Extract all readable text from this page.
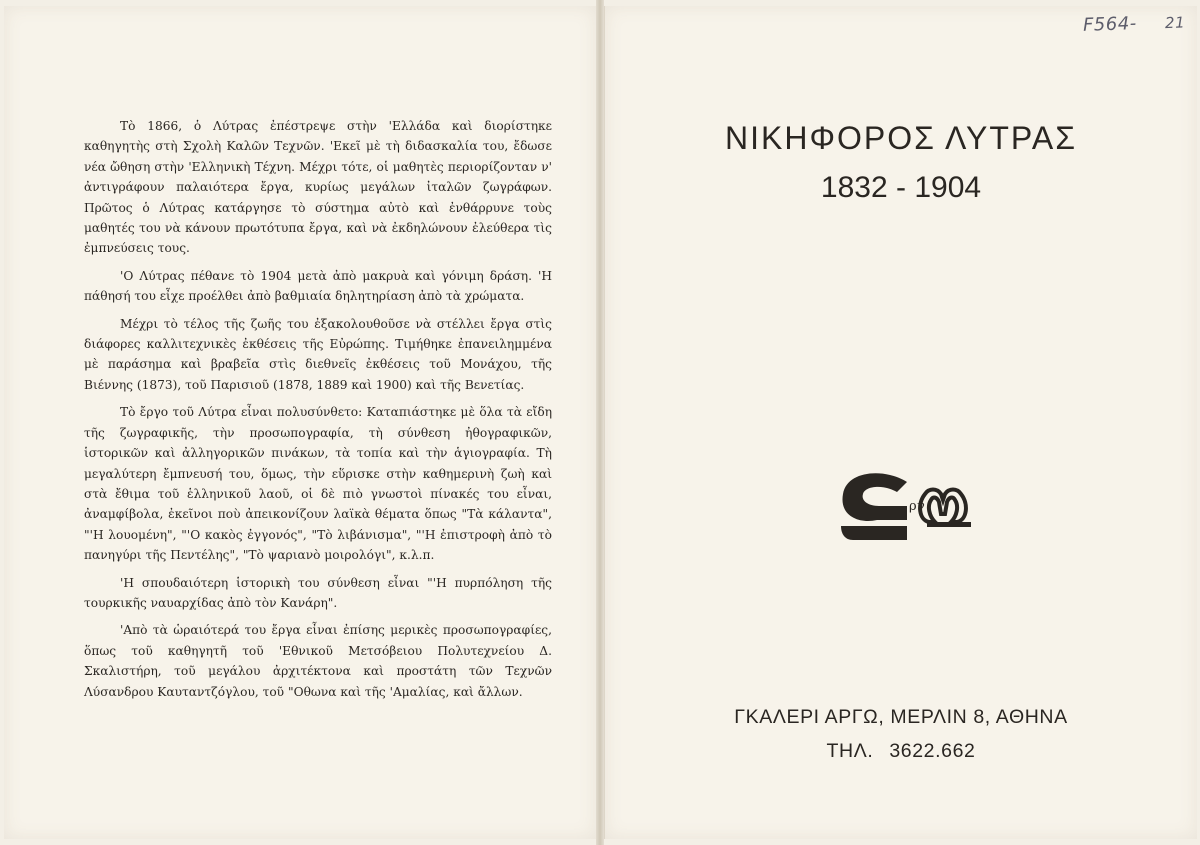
Τὸ 1866, ὁ Λύτρας ἐπέστρεψε στὴν 'Ελλάδα καὶ διορίστηκε καθηγητὴς στὴ Σχολὴ Καλῶν Τεχνῶν. 'Εκεῖ μὲ τὴ διδασκαλία του, ἔδωσε νέα ὤθηση στὴν 'Ελληνικὴ Τέχνη. Μέχρι τότε, οἱ μαθητὲς περιορίζονταν ν' ἀντιγράφουν παλαιότερα ἔργα, κυρίως μεγάλων ἰταλῶν ζωγράφων. Πρῶτος ὁ Λύτρας κατάργησε τὸ σύστημα αὐτὸ καὶ ἐνθάρρυνε τοὺς μαθητές του νὰ κάνουν πρωτότυπα ἔργα, καὶ νὰ ἐκδηλώνουν ἐλεύθερα τὶς ἐμπνεύσεις τους.

'Ο Λύτρας πέθανε τὸ 1904 μετὰ ἀπὸ μακρυὰ καὶ γόνιμη δράση. 'Η πάθησή του εἶχε προέλθει ἀπὸ βαθμιαία δηλητηρίαση ἀπὸ τὰ χρώματα.

Μέχρι τὸ τέλος τῆς ζωῆς του ἐξακολουθοῦσε νὰ στέλλει ἔργα στὶς διάφορες καλλιτεχνικὲς ἐκθέσεις τῆς Εὐρώπης. Τιμήθηκε ἐπανειλημμένα μὲ παράσημα καὶ βραβεῖα στὶς διεθνεῖς ἐκθέσεις τοῦ Μονάχου, τῆς Βιέννης (1873), τοῦ Παρισιοῦ (1878, 1889 καὶ 1900) καὶ τῆς Βενετίας.

Τὸ ἔργο τοῦ Λύτρα εἶναι πολυσύνθετο: Καταπιάστηκε μὲ ὅλα τὰ εἴδη τῆς ζωγραφικῆς, τὴν προσωπογραφία, τὴ σύνθεση ἠθογραφικῶν, ἱστορικῶν καὶ ἀλληγορικῶν πινάκων, τὰ τοπία καὶ τὴν ἁγιογραφία. Τὴ μεγαλύτερη ἔμπνευσή του, ὅμως, τὴν εὕρισκε στὴν καθημερινὴ ζωὴ καὶ στὰ ἔθιμα τοῦ ἑλληνικοῦ λαοῦ, οἱ δὲ πιὸ γνωστοὶ πίνακές του εἶναι, ἀναμφίβολα, ἐκεῖνοι ποὺ ἀπεικονίζουν λαϊκὰ θέματα ὅπως "Τὰ κάλαντα", "'Η λουομένη", "'Ο κακὸς ἐγγονός", "Τὸ λιβάνισμα", "'Η ἐπιστροφὴ ἀπὸ τὸ πανηγύρι τῆς Πεντέλης", "Τὸ ψαριανὸ μοιρολόγι", κ.λ.π.

'Η σπουδαιότερη ἱστορικὴ του σύνθεση εἶναι "'Η πυρπόληση τῆς τουρκικῆς ναυαρχίδας ἀπὸ τὸν Κανάρη".

'Απὸ τὰ ὡραιότερά του ἔργα εἶναι ἐπίσης μερικὲς προσωπογραφίες, ὅπως τοῦ καθηγητῆ τοῦ 'Εθνικοῦ Μετσόβειου Πολυτεχνείου Δ. Σκαλιστήρη, τοῦ μεγάλου ἀρχιτέκτονα καὶ προστάτη τῶν Τεχνῶν Λύσανδρου Καυταντζόγλου, τοῦ "Οθωνα καὶ τῆς 'Αμαλίας, καὶ ἄλλων.

ΝΙΚΗΦΟΡΟΣ ΛΥΤΡΑΣ
1832 - 1904
ρ γ
ΓΚΑΛΕΡΙ ΑΡΓΩ, ΜΕΡΛΙΝ 8, ΑΘΗΝΑ
ΤΗΛ. 3622.662
F564- 21
